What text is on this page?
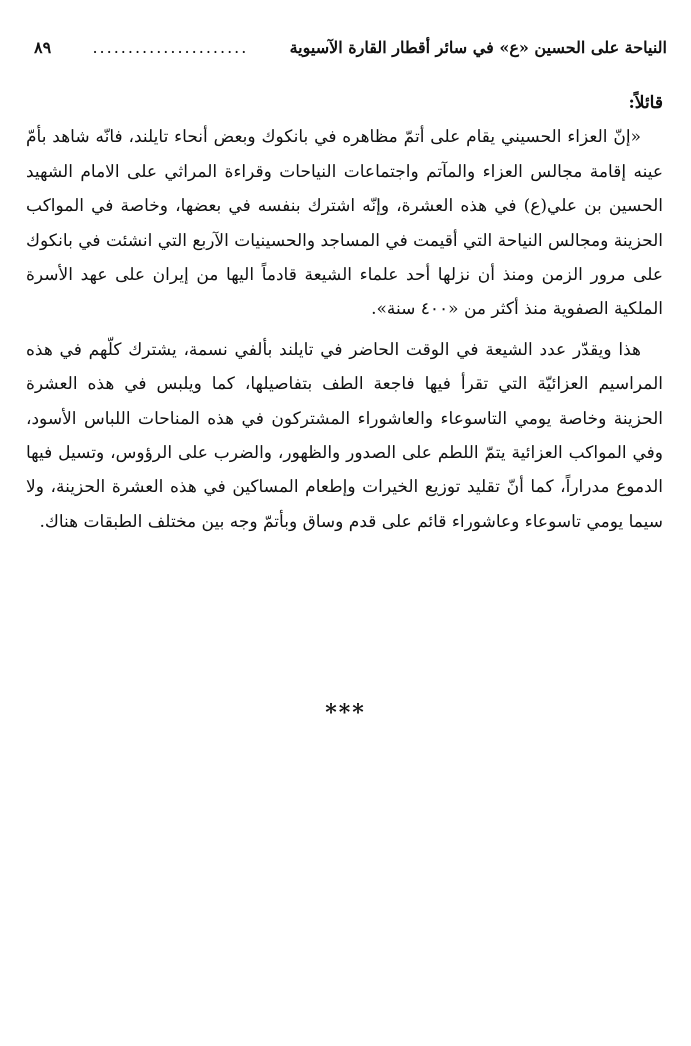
النياحة على الحسين «ع» في سائر أقطار القارة الآسيوية
......................
٨٩

قائلاً:

«إنّ العزاء الحسيني يقام على أتمّ مظاهره في بانكوك وبعض أنحاء تايلند، فانّه شاهد بأمّ عينه إقامة مجالس العزاء والمآتم واجتماعات النياحات وقراءة المراثي على الامام الشهيد الحسين بن علي(ع) في هذه العشرة، وإنّه اشترك بنفسه في بعضها، وخاصة في المواكب الحزينة ومجالس النياحة التي أقيمت في المساجد والحسينيات الآربع التي انشئت في بانكوك على مرور الزمن ومنذ أن نزلها أحد علماء الشيعة قادماً اليها من إيران على عهد الأسرة الملكية الصفوية منذ أكثر من «٤٠٠ سنة».

هذا ويقدّر عدد الشيعة في الوقت الحاضر في تايلند بألفي نسمة، يشترك كلّهم في هذه المراسيم العزائيّة التي تقرأ فيها فاجعة الطف بتفاصيلها، كما ويلبس في هذه العشرة الحزينة وخاصة يومي التاسوعاء والعاشوراء المشتركون في هذه المناحات اللباس الأسود، وفي المواكب العزائية يتمّ اللطم على الصدور والظهور، والضرب على الرؤوس، وتسيل فيها الدموع مدراراً، كما أنّ تقليد توزيع الخيرات وإطعام المساكين في هذه العشرة الحزينة، ولا سيما يومي تاسوعاء وعاشوراء قائم على قدم وساق وبأتمّ وجه بين مختلف الطبقات هناك.

***
